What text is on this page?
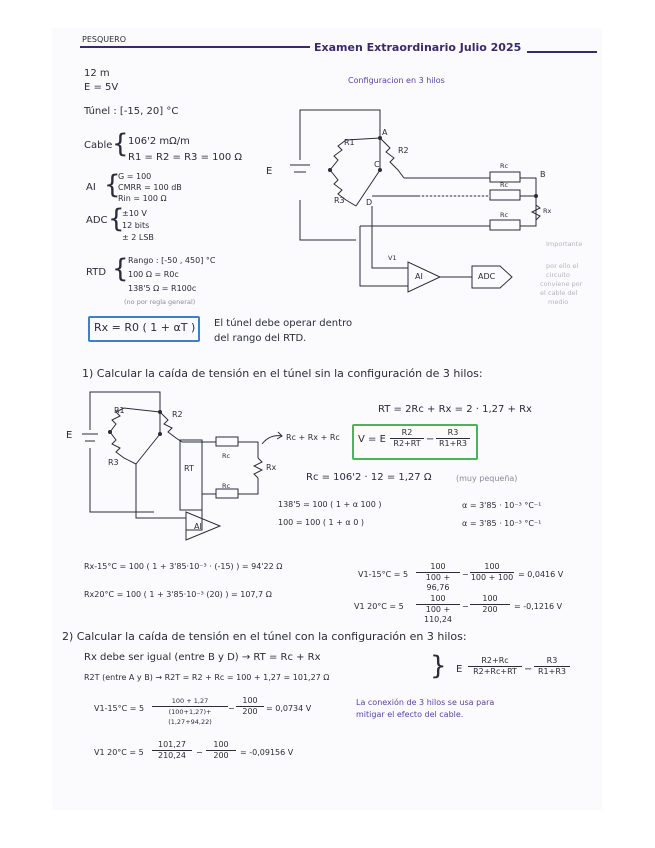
PESQUERO
Examen Extraordinario Julio 2025
12 m
E = 5V
Túnel : [-15, 20] °C
Cable { 106'2 mΩ/m
R1 = R2 = R3 = 100 Ω
AI {
G = 100
CMRR = 100 dB
Rin = 100 Ω
ADC {
±10 V
12 bits
± 2 LSB
RTD { Rango : [-50 , 450] °C
100 Ω = R0c
138'5 Ω = R100c
(no por regla general)
Rx = R0 ( 1 + αT ) El túnel debe operar dentro
del rango del RTD.
Configuracion en 3 hilos
E
R1
R2
R3
A
C
D
B
Rc
Rc
Rc	Rx
V1
AI	ADC
Importante
por ello el
circuito
conviene por
el cable del
medio
1) Calcular la caída de tensión en el túnel sin la configuración de 3 hilos:
E
R1	R2
R3
RT
Rc
Rc
Rx
AI
RT = 2Rc + Rx = 2 · 1,27 + Rx
Rc + Rx + Rc V = E $\frac{R2}{R2+RT} - \frac{R3}{R1+R3}$
Rc = 106'2 · 12 = 1,27 Ω	(muy pequeña)
138'5 = 100 ( 1 + α 100 )	α = 3'85 · 10⁻³ °C⁻¹
100 = 100 ( 1 + α 0 )	α = 3'85 · 10⁻³ °C⁻¹
Rx-15°C = 100 ( 1 + 3'85·10⁻³ · (-15) ) = 94'22 Ω
Rx20°C = 100 ( 1 + 3'85·10⁻³ (20) ) = 107,7 Ω
$V1-15^\circ C = 5 \frac{100}{100 + 96,76} - \frac{100}{100 + 100} = 0,0416$ V
V1 $20^\circ C = 5 \frac{100}{100 + 110,24} - \frac{100}{200} = -0,1216$ V
2) Calcular la caída de tensión en el túnel con la configuración en 3 hilos:
Rx debe ser igual (entre B y D) → RT = Rc + Rx
R2T (entre A y B) → R2T = R2 + Rc = 100 + 1,27 = 101,27 Ω	} E $\frac{R2+Rc}{R2+Rc+RT} - \frac{R3}{R1+R3}$
$V1-15^\circ C = 5 \frac{100 + 1,27}{(100+1,27)+(1,27+94,22)} - \frac{100}{200} = 0,0734$ V
La conexión de 3 hilos se usa para
mitigar el efecto del cable.
V1 $20^\circ C = 5 \frac{101,27}{210,24} - \frac{100}{200} = -0,09156$ V
